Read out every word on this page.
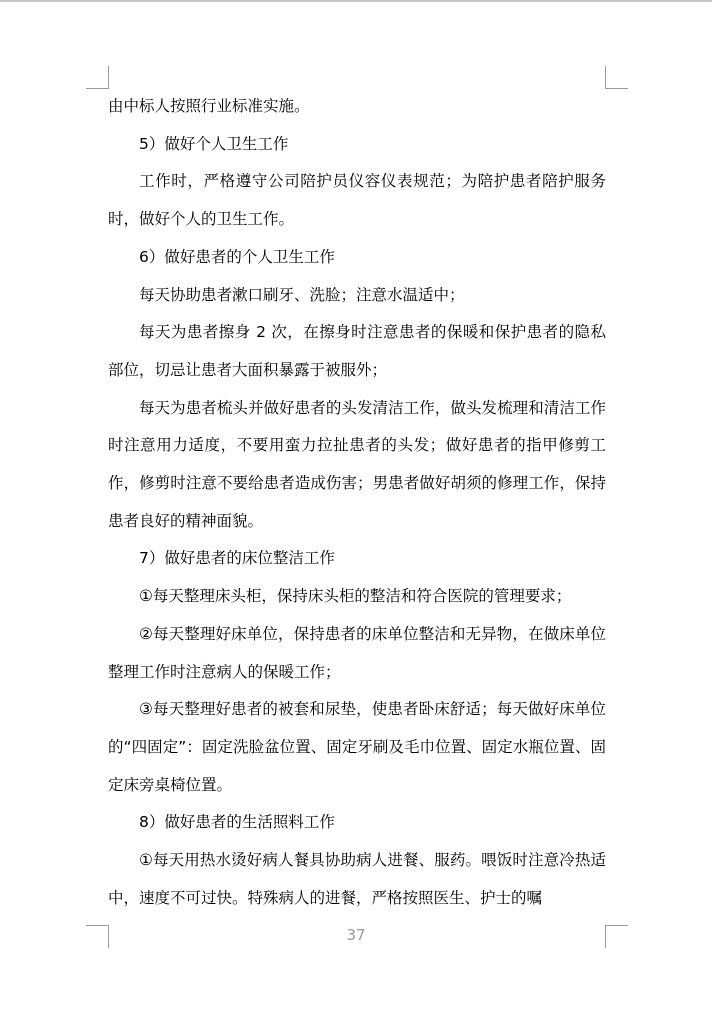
由中标人按照行业标准实施。

5）做好个人卫生工作

工作时，严格遵守公司陪护员仪容仪表规范；为陪护患者陪护服务时，做好个人的卫生工作。

6）做好患者的个人卫生工作

每天协助患者漱口刷牙、洗脸；注意水温适中；

每天为患者擦身 2 次，在擦身时注意患者的保暖和保护患者的隐私部位，切忌让患者大面积暴露于被服外；

每天为患者梳头并做好患者的头发清洁工作，做头发梳理和清洁工作时注意用力适度，不要用蛮力拉扯患者的头发；做好患者的指甲修剪工作，修剪时注意不要给患者造成伤害；男患者做好胡须的修理工作，保持患者良好的精神面貌。

7）做好患者的床位整洁工作

①每天整理床头柜，保持床头柜的整洁和符合医院的管理要求；

②每天整理好床单位，保持患者的床单位整洁和无异物，在做床单位整理工作时注意病人的保暖工作；

③每天整理好患者的被套和尿垫，使患者卧床舒适；每天做好床单位的“四固定”：固定洗脸盆位置、固定牙刷及毛巾位置、固定水瓶位置、固定床旁桌椅位置。

8）做好患者的生活照料工作

①每天用热水烫好病人餐具协助病人进餐、服药。喂饭时注意冷热适中，速度不可过快。特殊病人的进餐，严格按照医生、护士的嘱

37
